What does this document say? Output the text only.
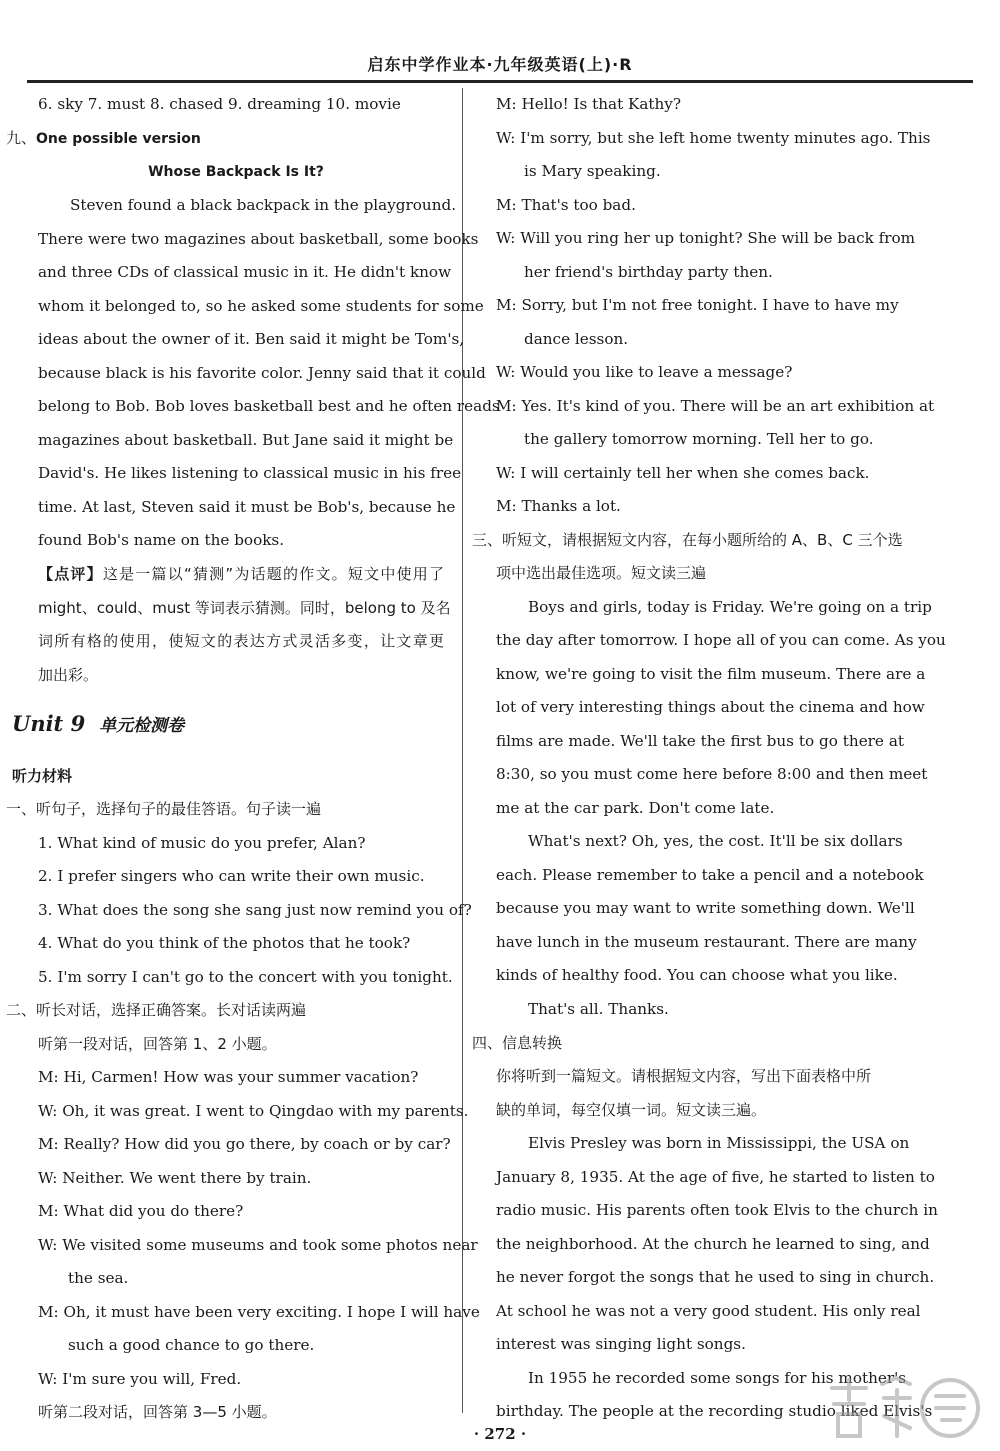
启东中学作业本·九年级英语(上)·R
6. sky 7. must 8. chased 9. dreaming 10. movie
九、One possible version
Whose Backpack Is It?
Steven found a black backpack in the playground.
There were two magazines about basketball, some books
and three CDs of classical music in it. He didn't know
whom it belonged to, so he asked some students for some
ideas about the owner of it. Ben said it might be Tom's,
because black is his favorite color. Jenny said that it could
belong to Bob. Bob loves basketball best and he often reads
magazines about basketball. But Jane said it might be
David's. He likes listening to classical music in his free
time. At last, Steven said it must be Bob's, because he
found Bob's name on the books.
【点评】这是一篇以“猜测”为话题的作文。短文中使用了
might、could、must 等词表示猜测。同时，belong to 及名
词所有格的使用，使短文的表达方式灵活多变，让文章更
加出彩。
Unit 9 单元检测卷
听力材料
一、听句子，选择句子的最佳答语。句子读一遍
1. What kind of music do you prefer, Alan?
2. I prefer singers who can write their own music.
3. What does the song she sang just now remind you of?
4. What do you think of the photos that he took?
5. I'm sorry I can't go to the concert with you tonight.
二、听长对话，选择正确答案。长对话读两遍
听第一段对话，回答第 1、2 小题。
M: Hi, Carmen! How was your summer vacation?
W: Oh, it was great. I went to Qingdao with my parents.
M: Really? How did you go there, by coach or by car?
W: Neither. We went there by train.
M: What did you do there?
W: We visited some museums and took some photos near
the sea.
M: Oh, it must have been very exciting. I hope I will have
such a good chance to go there.
W: I'm sure you will, Fred.
听第二段对话，回答第 3—5 小题。
M: Hello! Is that Kathy?
W: I'm sorry, but she left home twenty minutes ago. This
is Mary speaking.
M: That's too bad.
W: Will you ring her up tonight? She will be back from
her friend's birthday party then.
M: Sorry, but I'm not free tonight. I have to have my
dance lesson.
W: Would you like to leave a message?
M: Yes. It's kind of you. There will be an art exhibition at
the gallery tomorrow morning. Tell her to go.
W: I will certainly tell her when she comes back.
M: Thanks a lot.
三、听短文，请根据短文内容，在每小题所给的 A、B、C 三个选
项中选出最佳选项。短文读三遍
Boys and girls, today is Friday. We're going on a trip
the day after tomorrow. I hope all of you can come. As you
know, we're going to visit the film museum. There are a
lot of very interesting things about the cinema and how
films are made. We'll take the first bus to go there at
8:30, so you must come here before 8:00 and then meet
me at the car park. Don't come late.
What's next? Oh, yes, the cost. It'll be six dollars
each. Please remember to take a pencil and a notebook
because you may want to write something down. We'll
have lunch in the museum restaurant. There are many
kinds of healthy food. You can choose what you like.
That's all. Thanks.
四、信息转换
你将听到一篇短文。请根据短文内容，写出下面表格中所
缺的单词，每空仅填一词。短文读三遍。
Elvis Presley was born in Mississippi, the USA on
January 8, 1935. At the age of five, he started to listen to
radio music. His parents often took Elvis to the church in
the neighborhood. At the church he learned to sing, and
he never forgot the songs that he used to sing in church.
At school he was not a very good student. His only real
interest was singing light songs.
In 1955 he recorded some songs for his mother's
birthday. The people at the recording studio liked Elvis's
· 272 ·
